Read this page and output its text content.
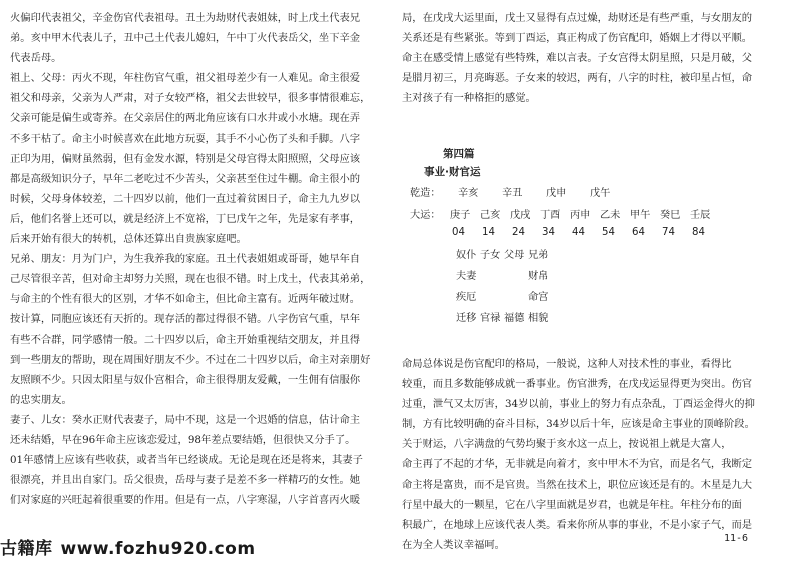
火偏印代表祖父，辛金伤官代表祖母。丑土为劫财代表姐妹，时上戊土代表兄
弟。亥中甲木代表儿子，丑中己土代表儿媳妇，午中丁火代表岳父，坐下辛金
代表岳母。
祖上、父母：丙火不现，年柱伤官气重，祖父祖母差少有一人难见。命主很爱
祖父和母亲，父亲为人严肃，对子女较严格，祖父去世较早，很多事情很难忘，
父亲可能是偏生或寄养。在父亲居住的两北角应该有口水井或小水塘。现在弄
不多干枯了。命主小时候喜欢在此地方玩耍，其手不小心伤了头和手脚。八字
正印为用，偏财虽然弱，但有金发水源，特别是父母宫得太阳照照，父母应该
都是高级知识分子，早年二老吃过不少苦头，父亲甚至住过牛棚。命主很小的
时候，父母身体较差，二十四岁以前，他们一直过着贫困日子，命主九九岁以
后，他们名誉上还可以，就是经济上不宽裕，丁巳戊午之年，先是家有孝事，
后来开始有很大的转机，总体还算出自贵族家庭吧。
兄弟、朋友：月为门户，为生我养我的家庭。丑土代表姐姐或哥哥，她早年自
己尽管很辛苦，但对命主却努力关照，现在也很不错。时上戊土，代表其弟弟，
与命主的个性有很大的区别，才华不如命主，但比命主富有。近两年破过财。
按计算，同胞应该还有天折的。现存活的都过得很不错。八字伤官气重，早年
有些不合群，同学感情一般。二十四岁以后，命主开始重视结交朋友，并且得
到一些朋友的帮助，现在周围好朋友不少。不过在二十四岁以后，命主对亲朋好
友照顾不少。只因太阳星与奴仆宫相合，命主很得朋友爱戴，一生佣有信服你
的忠实朋友。
妻子、儿女：癸水正财代表妻子，局中不现，这是一个迟婚的信息，估计命主
还未结婚，早在96年命主应该恋爱过，98年差点要结婚，但很快又分手了。
01年感情上应该有些收获，或者当年已经谈成。无论是现在还是将来，其妻子
很漂亮，并且出自家门。岳父很贵，岳母与妻子是差不多一样精巧的女性。她
们对家庭的兴旺起着很重要的作用。但是有一点，八字寒湿，八字首喜丙火暖
局，在戊戌大运里面，戊土又显得有点过燥，劫财还是有些严重，与女朋友的
关系还是有些紧张。等到丁酉运，真正构成了伤官配印，婚姻上才得以平顺。
命主在感受情上感觉有些特殊，难以言表。子女宫得太阴星照，只是月破，父
是腊月初三，月亮晦恶。子女来的较迟，两有，八字的时柱，被印星占恒，命
主对孩子有一种格拒的感觉。
第四篇
事业·财官运
乾造： 辛亥 辛丑 戊申 戊午
大运： 庚子 己亥 戊戌 丁酉 丙申 乙未 甲午 癸巳 壬辰
04 14 24 34 44 54 64 74 84
奴仆 子女 父母 兄弟
夫妻	财帛
疾厄	命宫
迁移 官禄 福德 相貌
命局总体说是伤官配印的格局，一般说，这种人对技术性的事业，看得比
较重，而且多数能够成就一番事业。伤官泄秀，在戊戌运显得更为突出。伤官
过重，泄气又太厉害，34岁以前，事业上的努力有点杂乱，丁酉运金得火的抑
制，方有比较明确的奋斗目标，34岁以后十年，应该是命主事业的顶峰阶段。
关于财运，八字满盘的气势均聚于亥水这一点上，按说祖上就是大富人，
命主再了不起的才华，无非就是向着才，亥中甲木不为官，而是名气，我断定
命主将是富贵，而不是官贵。当然在技术上，职位应该还是有的。木星是九大
行星中最大的一颗星，它在八字里面就是岁君，也就是年柱。年柱分布的面
积最广，在地球上应该代表人类。看来你所从事的事业，不是小家子气，而是
在为全人类议幸福呵。
古籍库 www.fozhu920.com
11-6
